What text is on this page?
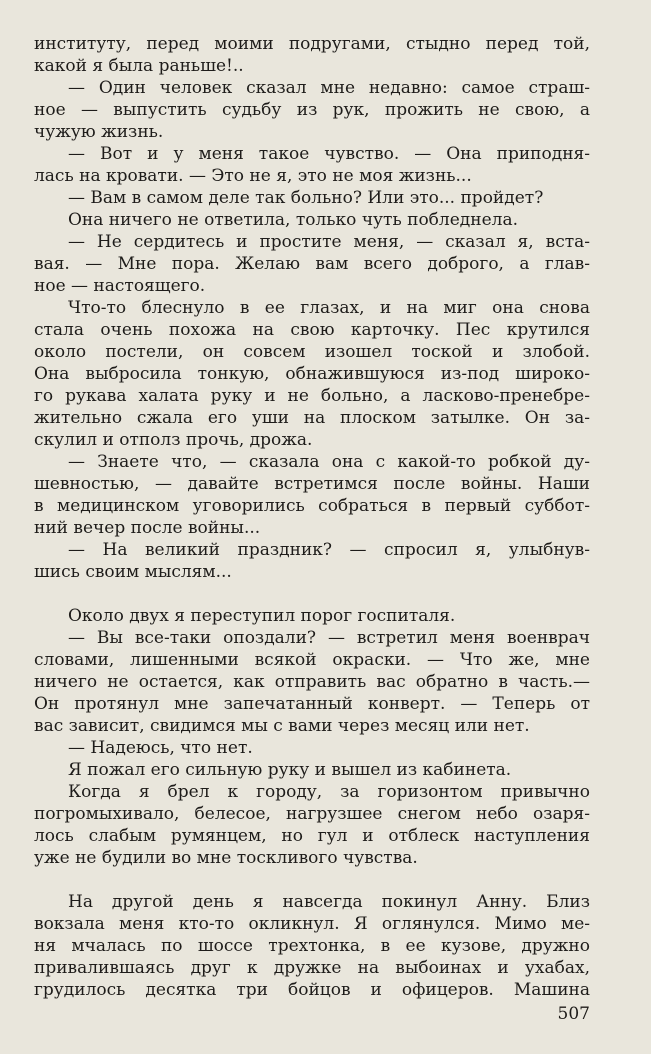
институту, перед моими подругами, стыдно перед той,
какой я была раньше!..
— Один человек сказал мне недавно: самое страш-
ное — выпустить судьбу из рук, прожить не свою, а
чужую жизнь.
— Вот и у меня такое чувство. — Она приподня-
лась на кровати. — Это не я, это не моя жизнь...
— Вам в самом деле так больно? Или это... пройдет?
Она ничего не ответила, только чуть побледнела.
— Не сердитесь и простите меня, — сказал я, вста-
вая. — Мне пора. Желаю вам всего доброго, а глав-
ное — настоящего.
Что-то блеснуло в ее глазах, и на миг она снова
стала очень похожа на свою карточку. Пес крутился
около постели, он совсем изошел тоской и злобой.
Она выбросила тонкую, обнажившуюся из-под широко-
го рукава халата руку и не больно, а ласково-пренебре-
жительно сжала его уши на плоском затылке. Он за-
скулил и отполз прочь, дрожа.
— Знаете что, — сказала она с какой-то робкой ду-
шевностью, — давайте встретимся после войны. Наши
в медицинском уговорились собраться в первый суббот-
ний вечер после войны...
— На великий праздник? — спросил я, улыбнув-
шись своим мыслям...
Около двух я переступил порог госпиталя.
— Вы все-таки опоздали? — встретил меня военврач
словами, лишенными всякой окраски. — Что же, мне
ничего не остается, как отправить вас обратно в часть.—
Он протянул мне запечатанный конверт. — Теперь от
вас зависит, свидимся мы с вами через месяц или нет.
— Надеюсь, что нет.
Я пожал его сильную руку и вышел из кабинета.
Когда я брел к городу, за горизонтом привычно
погромыхивало, белесое, нагрузшее снегом небо озаря-
лось слабым румянцем, но гул и отблеск наступления
уже не будили во мне тоскливого чувства.
На другой день я навсегда покинул Анну. Близ
вокзала меня кто-то окликнул. Я оглянулся. Мимо ме-
ня мчалась по шоссе трехтонка, в ее кузове, дружно
привалившаясь друг к дружке на выбоинах и ухабах,
грудилось десятка три бойцов и офицеров. Машина
507
